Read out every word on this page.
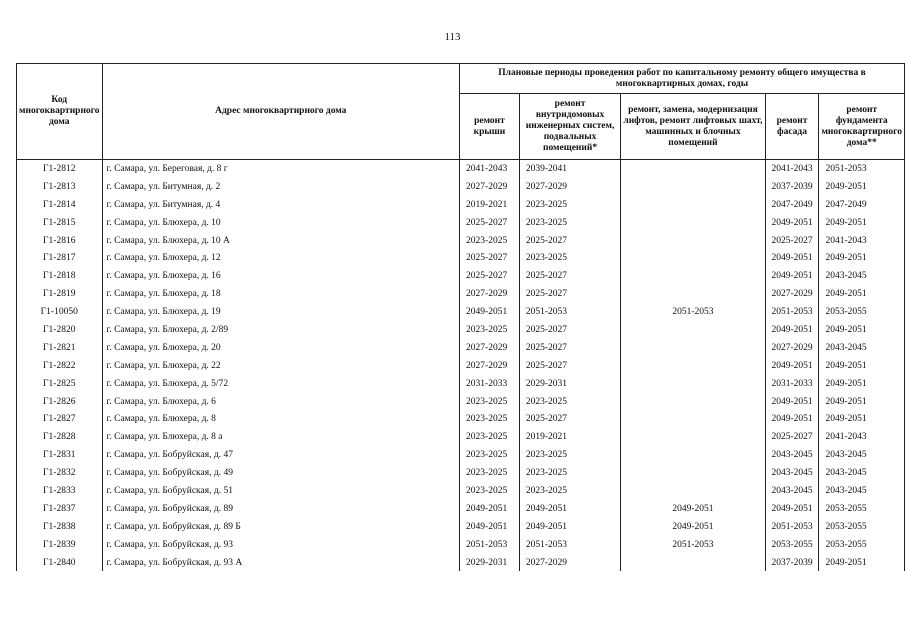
113
Код многоквартирного дома	Адрес многоквартирного дома	Плановые периоды проведения работ по капитальному ремонту общего имущества в многоквартирных домах, годы				
		ремонт крыши	ремонт внутридомовых инженерных систем, подвальных помещений*	ремонт, замена, модернизация лифтов, ремонт лифтовых шахт, машинных и блочных помещений	ремонт фасада	ремонт фундамента многоквартирного дома**
Г1-2812	г. Самара, ул. Береговая, д. 8 г	2041-2043	2039-2041		2041-2043	2051-2053
Г1-2813	г. Самара, ул. Битумная, д. 2	2027-2029	2027-2029		2037-2039	2049-2051
Г1-2814	г. Самара, ул. Битумная, д. 4	2019-2021	2023-2025		2047-2049	2047-2049
Г1-2815	г. Самара, ул. Блюхера, д. 10	2025-2027	2023-2025		2049-2051	2049-2051
Г1-2816	г. Самара, ул. Блюхера, д. 10 А	2023-2025	2025-2027		2025-2027	2041-2043
Г1-2817	г. Самара, ул. Блюхера, д. 12	2025-2027	2023-2025		2049-2051	2049-2051
Г1-2818	г. Самара, ул. Блюхера, д. 16	2025-2027	2025-2027		2049-2051	2043-2045
Г1-2819	г. Самара, ул. Блюхера, д. 18	2027-2029	2025-2027		2027-2029	2049-2051
Г1-10050	г. Самара, ул. Блюхера, д. 19	2049-2051	2051-2053	2051-2053	2051-2053	2053-2055
Г1-2820	г. Самара, ул. Блюхера, д. 2/89	2023-2025	2025-2027		2049-2051	2049-2051
Г1-2821	г. Самара, ул. Блюхера, д. 20	2027-2029	2025-2027		2027-2029	2043-2045
Г1-2822	г. Самара, ул. Блюхера, д. 22	2027-2029	2025-2027		2049-2051	2049-2051
Г1-2825	г. Самара, ул. Блюхера, д. 5/72	2031-2033	2029-2031		2031-2033	2049-2051
Г1-2826	г. Самара, ул. Блюхера, д. 6	2023-2025	2023-2025		2049-2051	2049-2051
Г1-2827	г. Самара, ул. Блюхера, д. 8	2023-2025	2025-2027		2049-2051	2049-2051
Г1-2828	г. Самара, ул. Блюхера, д. 8 а	2023-2025	2019-2021		2025-2027	2041-2043
Г1-2831	г. Самара, ул. Бобруйская, д. 47	2023-2025	2023-2025		2043-2045	2043-2045
Г1-2832	г. Самара, ул. Бобруйская, д. 49	2023-2025	2023-2025		2043-2045	2043-2045
Г1-2833	г. Самара, ул. Бобруйская, д. 51	2023-2025	2023-2025		2043-2045	2043-2045
Г1-2837	г. Самара, ул. Бобруйская, д. 89	2049-2051	2049-2051	2049-2051	2049-2051	2053-2055
Г1-2838	г. Самара, ул. Бобруйская, д. 89 Б	2049-2051	2049-2051	2049-2051	2051-2053	2053-2055
Г1-2839	г. Самара, ул. Бобруйская, д. 93	2051-2053	2051-2053	2051-2053	2053-2055	2053-2055
Г1-2840	г. Самара, ул. Бобруйская, д. 93 А	2029-2031	2027-2029		2037-2039	2049-2051
